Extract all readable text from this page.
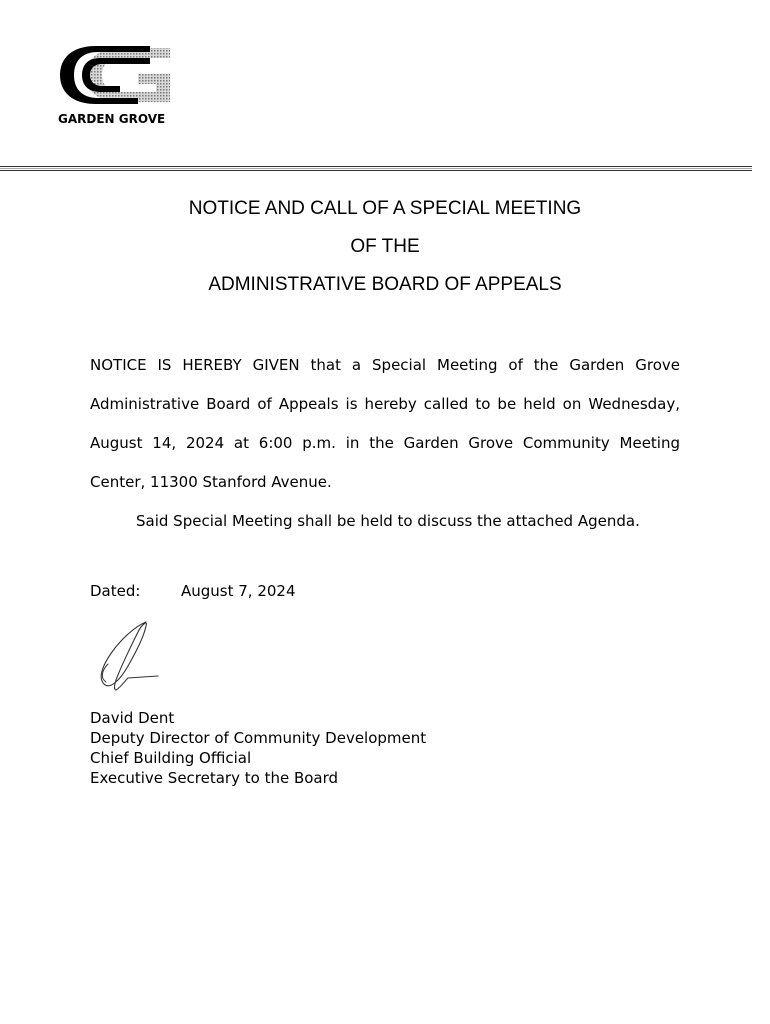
GARDEN GROVE
NOTICE AND CALL OF A SPECIAL MEETING
OF THE
ADMINISTRATIVE BOARD OF APPEALS
NOTICE IS HEREBY GIVEN that a Special Meeting of the Garden Grove
Administrative Board of Appeals is hereby called to be held on Wednesday,
August 14, 2024 at 6:00 p.m. in the Garden Grove Community Meeting
Center, 11300 Stanford Avenue.
Said Special Meeting shall be held to discuss the attached Agenda.
Dated:	August 7, 2024
David Dent
Deputy Director of Community Development
Chief Building Official
Executive Secretary to the Board
